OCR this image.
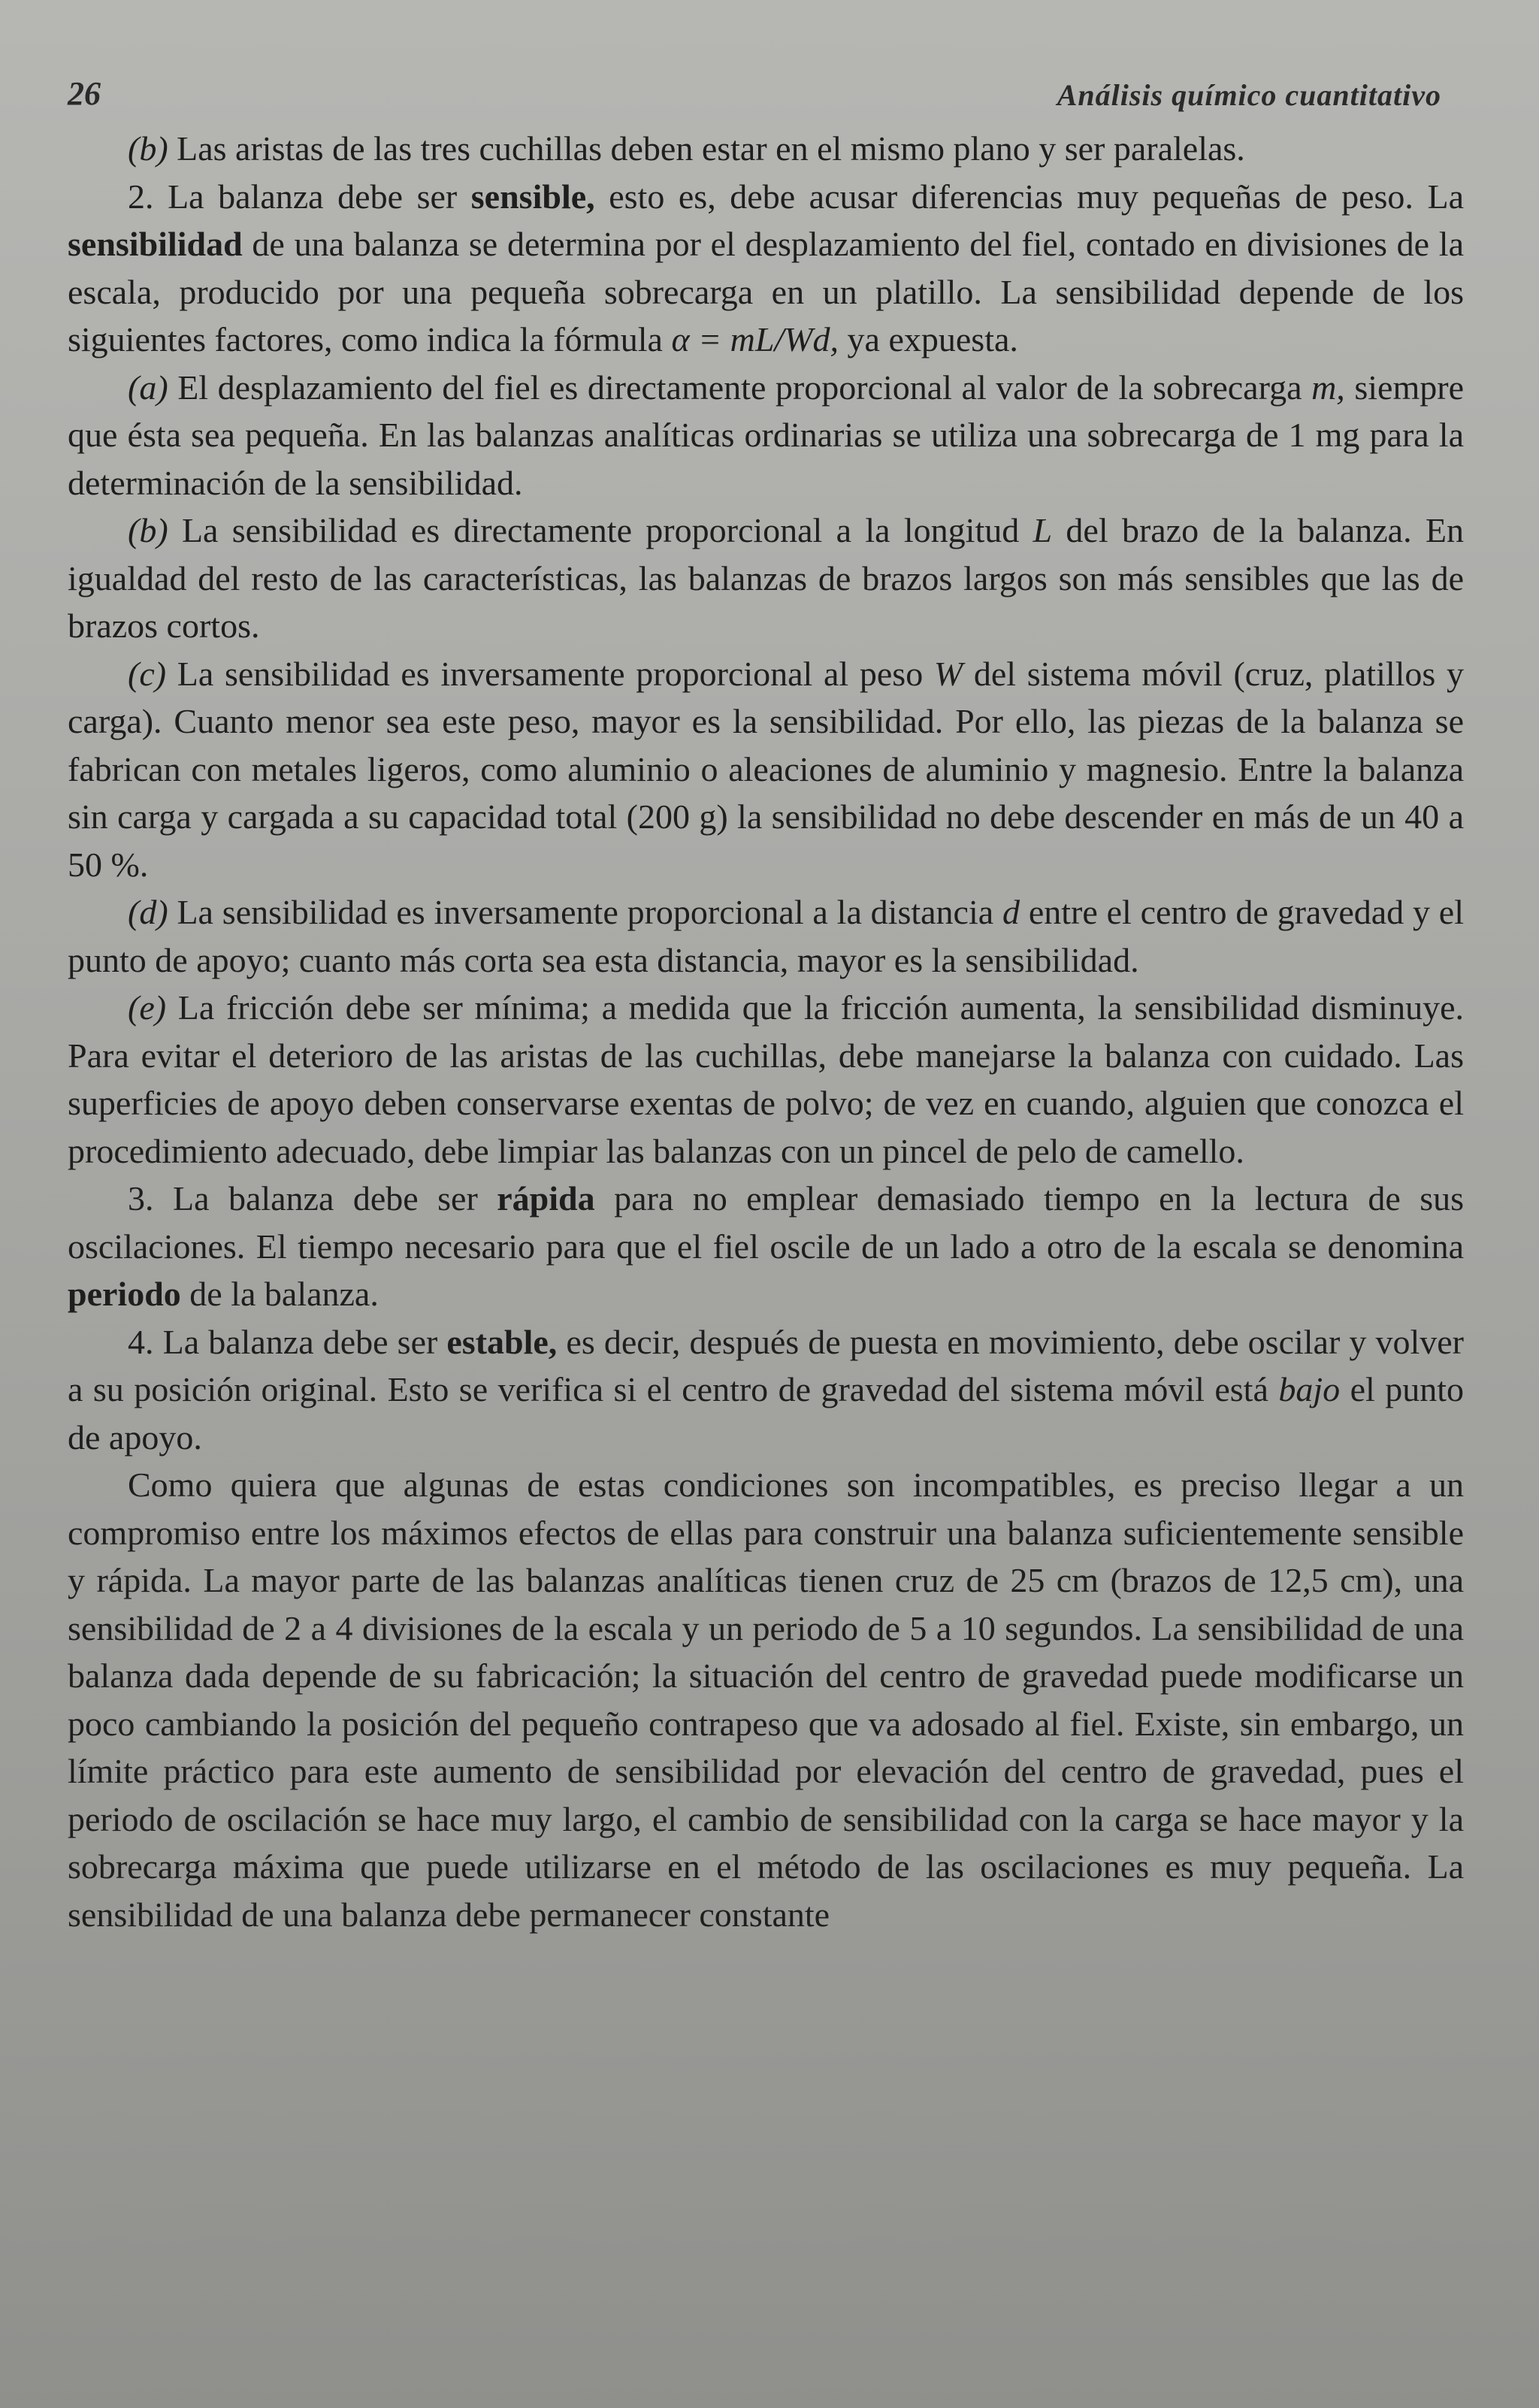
26	Análisis químico cuantitativo

(b) Las aristas de las tres cuchillas deben estar en el mismo plano y ser paralelas.

2. La balanza debe ser sensible, esto es, debe acusar diferencias muy pequeñas de peso. La sensibilidad de una balanza se determina por el desplazamiento del fiel, contado en divisiones de la escala, producido por una pequeña sobrecarga en un platillo. La sensibilidad depende de los siguientes factores, como indica la fórmula α = mL/Wd, ya expuesta.

(a) El desplazamiento del fiel es directamente proporcional al valor de la sobrecarga m, siempre que ésta sea pequeña. En las balanzas analíticas ordinarias se utiliza una sobrecarga de 1 mg para la determinación de la sensibilidad.

(b) La sensibilidad es directamente proporcional a la longitud L del brazo de la balanza. En igualdad del resto de las características, las balanzas de brazos largos son más sensibles que las de brazos cortos.

(c) La sensibilidad es inversamente proporcional al peso W del sistema móvil (cruz, platillos y carga). Cuanto menor sea este peso, mayor es la sensibilidad. Por ello, las piezas de la balanza se fabrican con metales ligeros, como aluminio o aleaciones de aluminio y magnesio. Entre la balanza sin carga y cargada a su capacidad total (200 g) la sensibilidad no debe descender en más de un 40 a 50 %.

(d) La sensibilidad es inversamente proporcional a la distancia d entre el centro de gravedad y el punto de apoyo; cuanto más corta sea esta distancia, mayor es la sensibilidad.

(e) La fricción debe ser mínima; a medida que la fricción aumenta, la sensibilidad disminuye. Para evitar el deterioro de las aristas de las cuchillas, debe manejarse la balanza con cuidado. Las superficies de apoyo deben conservarse exentas de polvo; de vez en cuando, alguien que conozca el procedimiento adecuado, debe limpiar las balanzas con un pincel de pelo de camello.

3. La balanza debe ser rápida para no emplear demasiado tiempo en la lectura de sus oscilaciones. El tiempo necesario para que el fiel oscile de un lado a otro de la escala se denomina periodo de la balanza.

4. La balanza debe ser estable, es decir, después de puesta en movimiento, debe oscilar y volver a su posición original. Esto se verifica si el centro de gravedad del sistema móvil está bajo el punto de apoyo.

Como quiera que algunas de estas condiciones son incompatibles, es preciso llegar a un compromiso entre los máximos efectos de ellas para construir una balanza suficientemente sensible y rápida. La mayor parte de las balanzas analíticas tienen cruz de 25 cm (brazos de 12,5 cm), una sensibilidad de 2 a 4 divisiones de la escala y un periodo de 5 a 10 segundos. La sensibilidad de una balanza dada depende de su fabricación; la situación del centro de gravedad puede modificarse un poco cambiando la posición del pequeño contrapeso que va adosado al fiel. Existe, sin embargo, un límite práctico para este aumento de sensibilidad por elevación del centro de gravedad, pues el periodo de oscilación se hace muy largo, el cambio de sensibilidad con la carga se hace mayor y la sobrecarga máxima que puede utilizarse en el método de las oscilaciones es muy pequeña. La sensibilidad de una balanza debe permanecer constante
